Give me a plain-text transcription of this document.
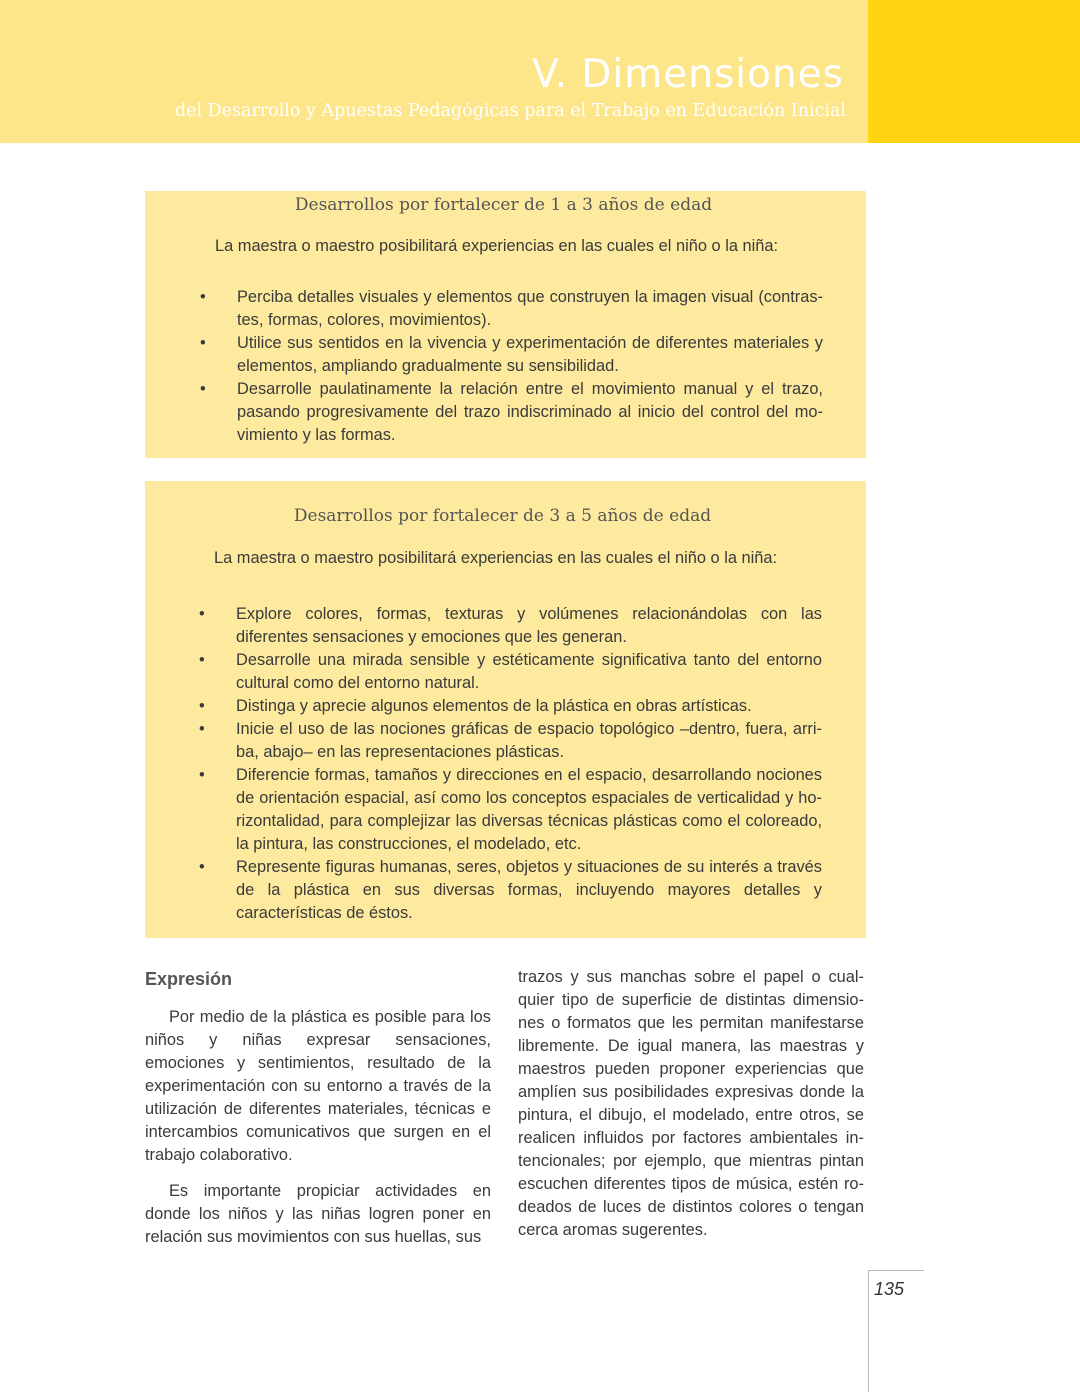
V. Dimensiones
del Desarrollo y Apuestas Pedagógicas para el Trabajo en Educación Inicial
Desarrollos por fortalecer de 1 a 3 años de edad
La maestra o maestro posibilitará experiencias en las cuales el niño o la niña:
• Perciba detalles visuales y elementos que construyen la imagen visual (contrastes, formas, colores, movimientos).
• Utilice sus sentidos en la vivencia y experimentación de diferentes materiales y elementos, ampliando gradualmente su sensibilidad.
• Desarrolle paulatinamente la relación entre el movimiento manual y el trazo, pasando progresivamente del trazo indiscriminado al inicio del control del movimiento y las formas.
Desarrollos por fortalecer de 3 a 5 años de edad
La maestra o maestro posibilitará experiencias en las cuales el niño o la niña:
• Explore colores, formas, texturas y volúmenes relacionándolas con las diferentes sensaciones y emociones que les generan.
• Desarrolle una mirada sensible y estéticamente significativa tanto del entorno cultural como del entorno natural.
• Distinga y aprecie algunos elementos de la plástica en obras artísticas.
• Inicie el uso de las nociones gráficas de espacio topológico –dentro, fuera, arriba, abajo– en las representaciones plásticas.
• Diferencie formas, tamaños y direcciones en el espacio, desarrollando nociones de orientación espacial, así como los conceptos espaciales de verticalidad y horizontalidad, para complejizar las diversas técnicas plásticas como el coloreado, la pintura, las construcciones, el modelado, etc.
• Represente figuras humanas, seres, objetos y situaciones de su interés a través de la plástica en sus diversas formas, incluyendo mayores detalles y características de éstos.
Expresión

Por medio de la plástica es posible para los niños y niñas expresar sensaciones, emociones y sentimientos, resultado de la experimentación con su entorno a través de la utilización de diferentes materiales, técnicas e intercambios comunicativos que surgen en el trabajo colaborativo.

Es importante propiciar actividades en donde los niños y las niñas logren poner en relación sus movimientos con sus huellas, sus

trazos y sus manchas sobre el papel o cualquier tipo de superficie de distintas dimensiones o formatos que les permitan manifestarse libremente. De igual manera, las maestras y maestros pueden proponer experiencias que amplíen sus posibilidades expresivas donde la pintura, el dibujo, el modelado, entre otros, se realicen influidos por factores ambientales intencionales; por ejemplo, que mientras pintan escuchen diferentes tipos de música, estén rodeados de luces de distintos colores o tengan cerca aromas sugerentes.

135
